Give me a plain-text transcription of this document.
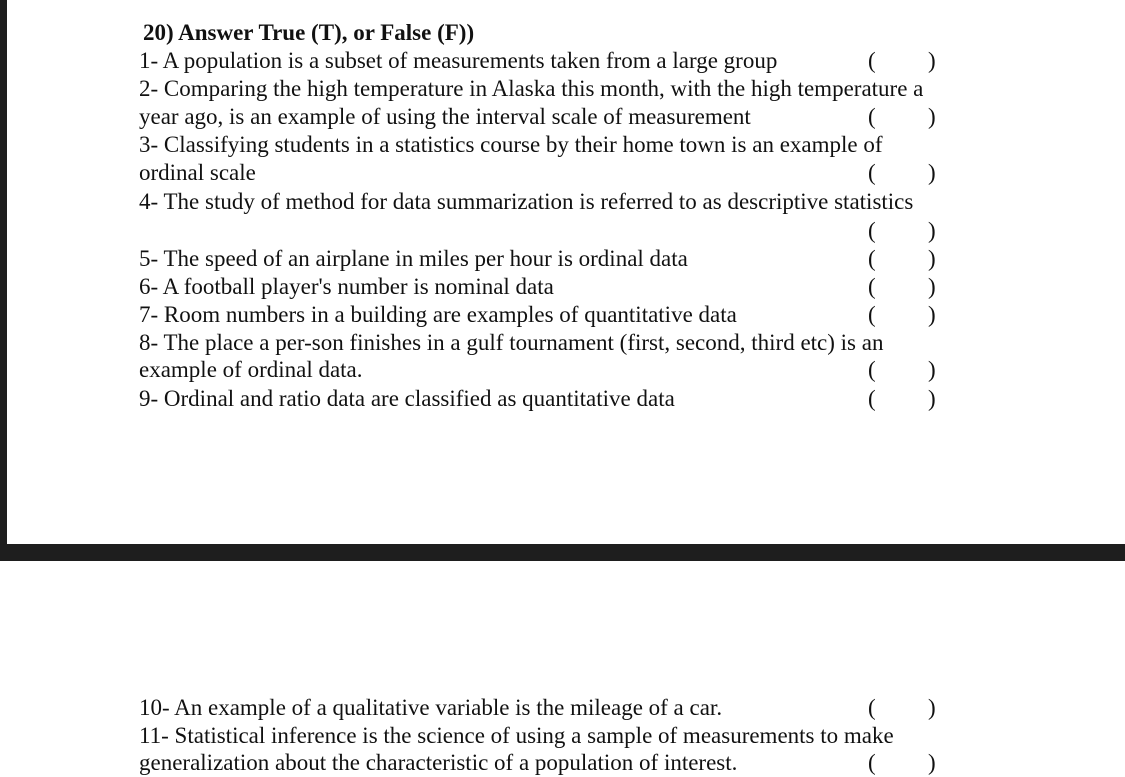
20) Answer True (T), or False (F))
1- A population is a subset of measurements taken from a large group	( )
2- Comparing the high temperature in Alaska this month, with the high temperature a
year ago, is an example of using the interval scale of measurement	( )
3- Classifying students in a statistics course by their home town is an example of
ordinal scale	( )
4- The study of method for data summarization is referred to as descriptive statistics
( )
5- The speed of an airplane in miles per hour is ordinal data	( )
6- A football player's number is nominal data	( )
7- Room numbers in a building are examples of quantitative data	( )
8- The place a per-son finishes in a gulf tournament (first, second, third etc) is an
example of ordinal data.	( )
9- Ordinal and ratio data are classified as quantitative data	( )
10- An example of a qualitative variable is the mileage of a car.	( )
11- Statistical inference is the science of using a sample of measurements to make
generalization about the characteristic of a population of interest.	( )
